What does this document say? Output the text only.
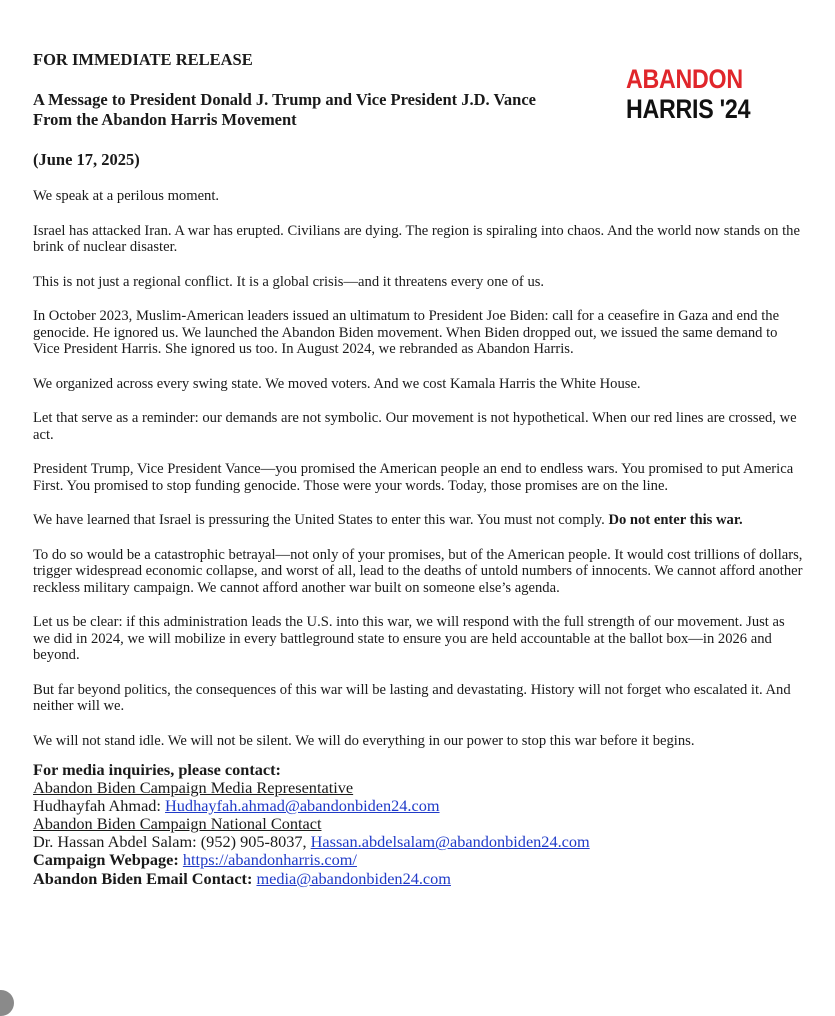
ABANDON
HARRIS '24

FOR IMMEDIATE RELEASE

A Message to President Donald J. Trump and Vice President J.D. Vance From the Abandon Harris Movement

(June 17, 2025)

We speak at a perilous moment.

Israel has attacked Iran. A war has erupted. Civilians are dying. The region is spiraling into chaos. And the world now stands on the brink of nuclear disaster.

This is not just a regional conflict. It is a global crisis—and it threatens every one of us.

In October 2023, Muslim-American leaders issued an ultimatum to President Joe Biden: call for a ceasefire in Gaza and end the genocide. He ignored us. We launched the Abandon Biden movement. When Biden dropped out, we issued the same demand to Vice President Harris. She ignored us too. In August 2024, we rebranded as Abandon Harris.

We organized across every swing state. We moved voters. And we cost Kamala Harris the White House.

Let that serve as a reminder: our demands are not symbolic. Our movement is not hypothetical. When our red lines are crossed, we act.

President Trump, Vice President Vance—you promised the American people an end to endless wars. You promised to put America First. You promised to stop funding genocide. Those were your words. Today, those promises are on the line.

We have learned that Israel is pressuring the United States to enter this war. You must not comply. Do not enter this war.

To do so would be a catastrophic betrayal—not only of your promises, but of the American people. It would cost trillions of dollars, trigger widespread economic collapse, and worst of all, lead to the deaths of untold numbers of innocents. We cannot afford another reckless military campaign. We cannot afford another war built on someone else’s agenda.

Let us be clear: if this administration leads the U.S. into this war, we will respond with the full strength of our movement. Just as we did in 2024, we will mobilize in every battleground state to ensure you are held accountable at the ballot box—in 2026 and beyond.

But far beyond politics, the consequences of this war will be lasting and devastating. History will not forget who escalated it. And neither will we.

We will not stand idle. We will not be silent. We will do everything in our power to stop this war before it begins.

For media inquiries, please contact:
Abandon Biden Campaign Media Representative
Hudhayfah Ahmad: Hudhayfah.ahmad@abandonbiden24.com
Abandon Biden Campaign National Contact
Dr. Hassan Abdel Salam: (952) 905-8037, Hassan.abdelsalam@abandonbiden24.com
Campaign Webpage: https://abandonharris.com/
Abandon Biden Email Contact: media@abandonbiden24.com
